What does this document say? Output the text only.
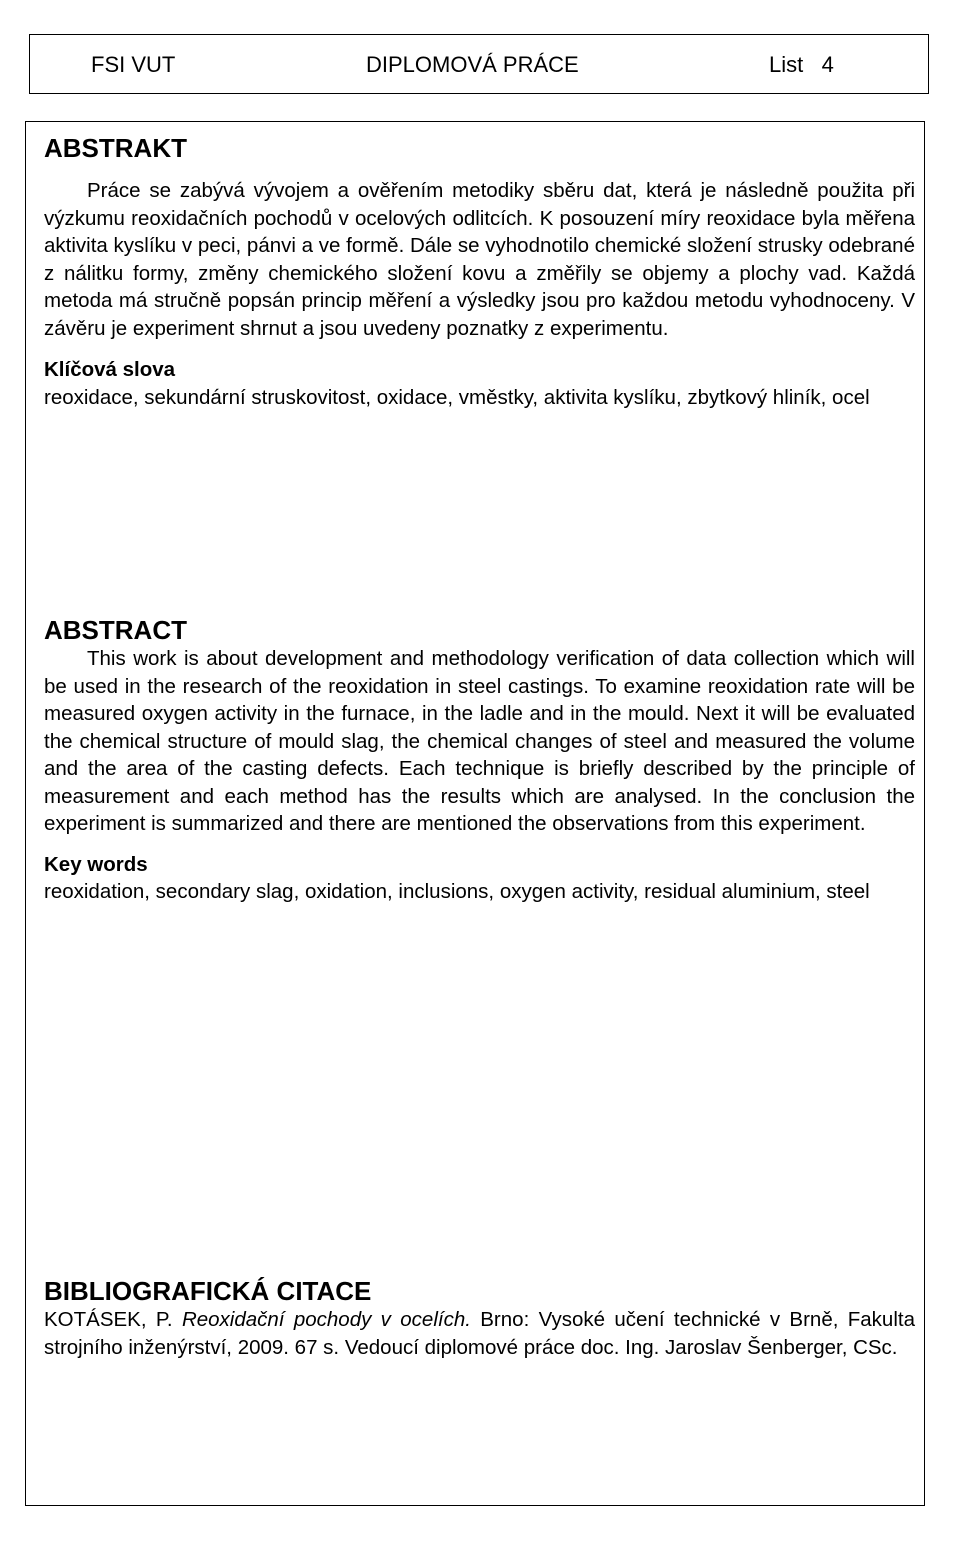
FSI VUT	DIPLOMOVÁ PRÁCE	List   4
ABSTRAKT

Práce se zabývá vývojem a ověřením metodiky sběru dat, která je následně použita při výzkumu reoxidačních pochodů v ocelových odlitcích. K posouzení míry reoxidace byla měřena aktivita kyslíku v peci, pánvi a ve formě. Dále se vyhodnotilo chemické složení strusky odebrané z nálitku formy, změny chemického složení kovu a změřily se objemy a plochy vad. Každá metoda má stručně popsán princip měření a výsledky jsou pro každou metodu vyhodnoceny. V závěru je experiment shrnut a jsou uvedeny poznatky z experimentu.

Klíčová slova

reoxidace, sekundární struskovitost, oxidace, vměstky, aktivita kyslíku, zbytkový hliník, ocel

ABSTRACT

This work is about development and methodology verification of data collection which will be used in the research of the reoxidation in steel castings. To examine reoxidation rate will be measured oxygen activity in the furnace, in the ladle and in the mould. Next it will be evaluated the chemical structure of mould slag, the chemical changes of steel and measured the volume and the area of the casting defects. Each technique is briefly described by the principle of measurement and each method has the results which are analysed. In the conclusion the experiment is summarized and there are mentioned the observations from this experiment.

Key words

reoxidation, secondary slag, oxidation, inclusions, oxygen activity, residual aluminium, steel

BIBLIOGRAFICKÁ CITACE

KOTÁSEK, P. Reoxidační pochody v ocelích. Brno: Vysoké učení technické v Brně, Fakulta strojního inženýrství, 2009. 67 s. Vedoucí diplomové práce doc. Ing. Jaroslav Šenberger, CSc.
